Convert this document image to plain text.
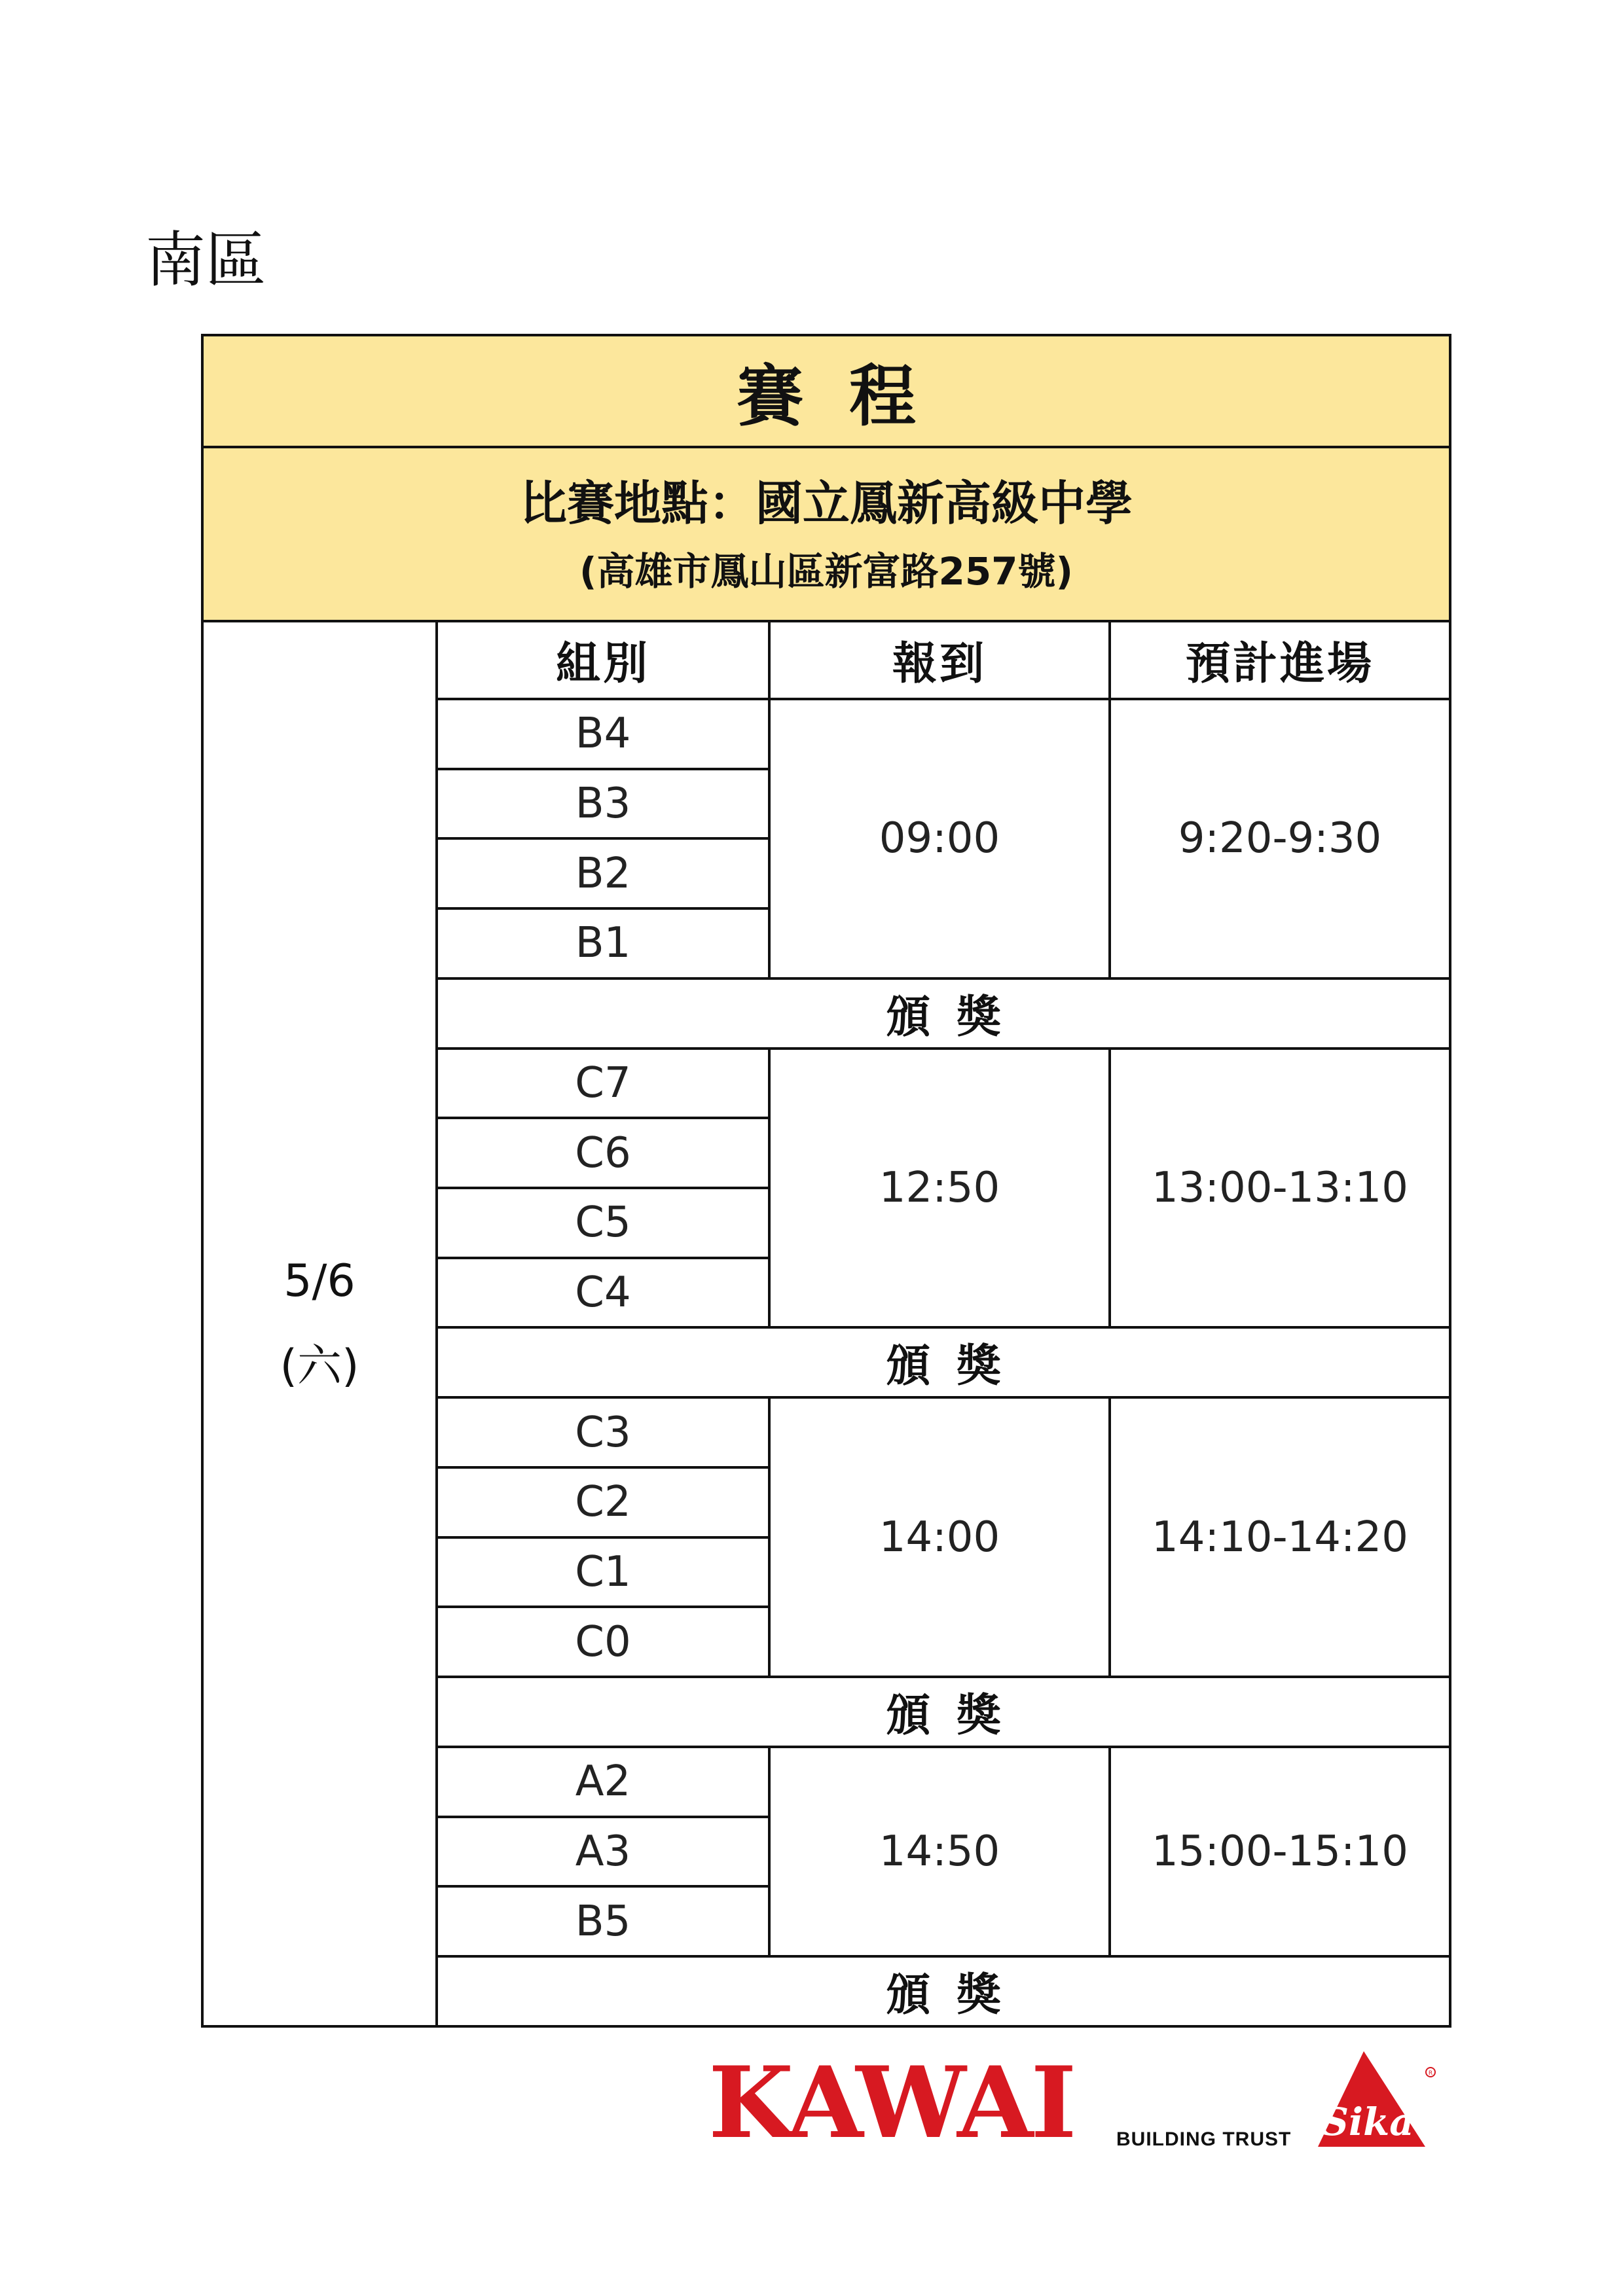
南區
賽程			
比賽地點：國立鳳新高級中學
(高雄市鳳山區新富路257號)			

5/6
(六)	組別	報到	預計進場
	B4	09:00	9:20-9:30
	B3		
	B2		
	B1		
	頒獎		
	C7	12:50	13:00-13:10
	C6		
	C5		
	C4		
	頒獎		
	C3	14:00	14:10-14:20
	C2		
	C1		
	C0		
	頒獎		
	A2	14:50	15:00-15:10
	A3		
	B5		
	頒獎		
KAWAI BUILDING TRUST Sika
R
